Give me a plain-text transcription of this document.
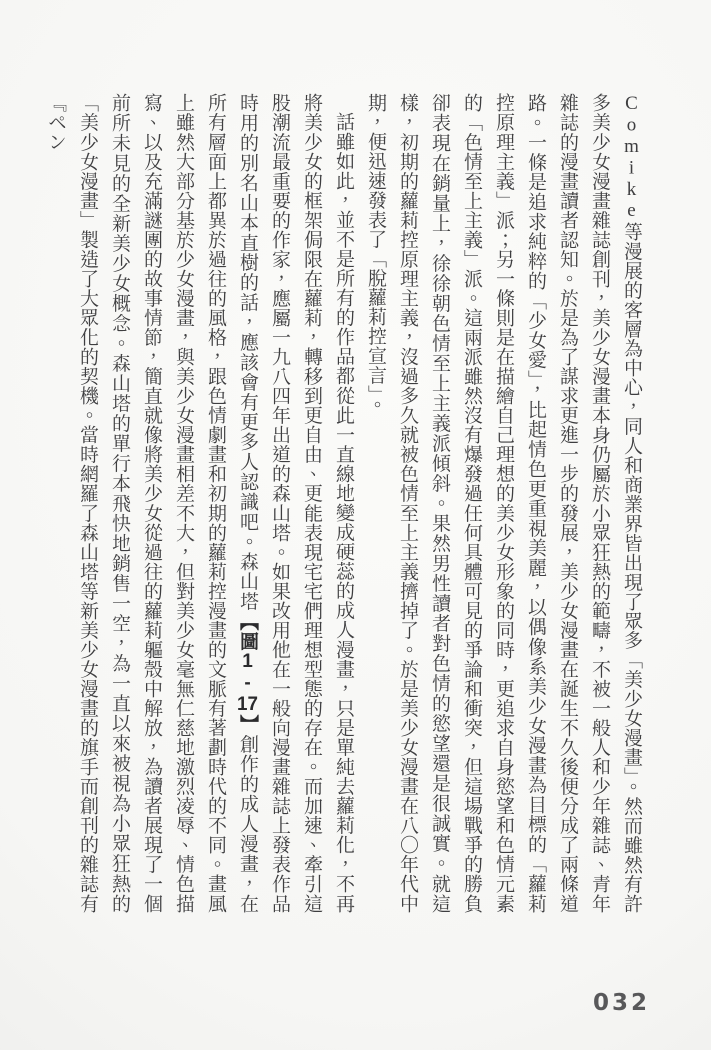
Comike等漫展的客層為中心，同人和商業界皆出現了眾多「美少女漫畫」。然而雖然有許多美少女漫畫雜誌創刊，美少女漫畫本身仍屬於小眾狂熱的範疇，不被一般人和少年雜誌、青年雜誌的漫畫讀者認知。於是為了謀求更進一步的發展，美少女漫畫在誕生不久後便分成了兩條道路。一條是追求純粹的「少女愛」，比起情色更重視美麗，以偶像系美少女漫畫為目標的「蘿莉控原理主義」派；另一條則是在描繪自己理想的美少女形象的同時，更追求自身慾望和色情元素的「色情至上主義」派。這兩派雖然沒有爆發過任何具體可見的爭論和衝突，但這場戰爭的勝負卻表現在銷量上，徐徐朝色情至上主義派傾斜。果然男性讀者對色情的慾望還是很誠實。就這樣，初期的蘿莉控原理主義，沒過多久就被色情至上主義擠掉了。於是美少女漫畫在八〇年代中期，便迅速發表了「脫蘿莉控宣言」。

話雖如此，並不是所有的作品都從此一直線地變成硬蕊的成人漫畫，只是單純去蘿莉化，不再將美少女的框架侷限在蘿莉，轉移到更自由、更能表現宅宅們理想型態的存在。而加速、牽引這股潮流最重要的作家，應屬一九八四年出道的森山塔。如果改用他在一般向漫畫雜誌上發表作品時用的別名山本直樹的話，應該會有更多人認識吧。森山塔【圖1-17】創作的成人漫畫，在所有層面上都異於過往的風格，跟色情劇畫和初期的蘿莉控漫畫的文脈有著劃時代的不同。畫風上雖然大部分基於少女漫畫，與美少女漫畫相差不大，但對美少女毫無仁慈地激烈凌辱、情色描寫、以及充滿謎團的故事情節，簡直就像將美少女從過往的蘿莉軀殼中解放，為讀者展現了一個前所未見的全新美少女概念。森山塔的單行本飛快地銷售一空，為一直以來被視為小眾狂熱的「美少女漫畫」製造了大眾化的契機。當時網羅了森山塔等新美少女漫畫的旗手而創刊的雜誌有『ペン

032
